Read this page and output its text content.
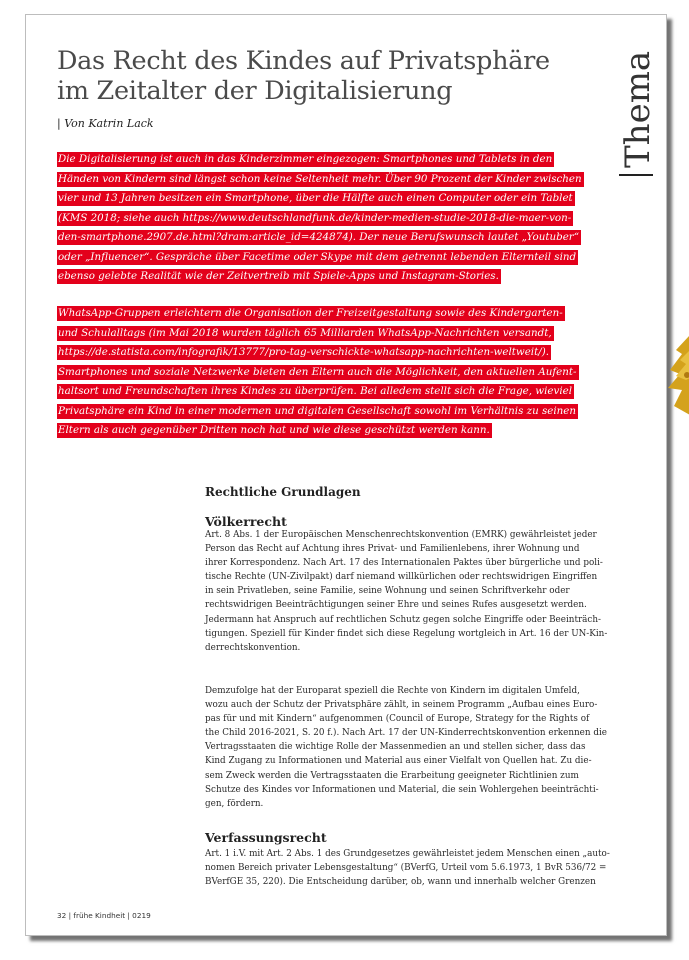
Das Recht des Kindes auf Privatsphäre
im Zeitalter der Digitalisierung
| Von Katrin Lack	Thema
Die Digitalisierung ist auch in das Kinderzimmer eingezogen: Smartphones und Tablets in den
Händen von Kindern sind längst schon keine Seltenheit mehr. Über 90 Prozent der Kinder zwischen
vier und 13 Jahren besitzen ein Smartphone, über die Hälfte auch einen Computer oder ein Tablet
(KMS 2018; siehe auch https://www.deutschlandfunk.de/kinder-medien-studie-2018-die-maer-von-
den-smartphone.2907.de.html?dram:article_id=424874). Der neue Berufswunsch lautet „Youtuber“
oder „Influencer“. Gespräche über Facetime oder Skype mit dem getrennt lebenden Elternteil sind
ebenso gelebte Realität wie der Zeitvertreib mit Spiele-Apps und Instagram-Stories.
WhatsApp-Gruppen erleichtern die Organisation der Freizeitgestaltung sowie des Kindergarten-
und Schulalltags (im Mai 2018 wurden täglich 65 Milliarden WhatsApp-Nachrichten versandt,
https://de.statista.com/infografik/13777/pro-tag-verschickte-whatsapp-nachrichten-weltweit/).
Smartphones und soziale Netzwerke bieten den Eltern auch die Möglichkeit, den aktuellen Aufent-
haltsort und Freundschaften ihres Kindes zu überprüfen. Bei alledem stellt sich die Frage, wieviel
Privatsphäre ein Kind in einer modernen und digitalen Gesellschaft sowohl im Verhältnis zu seinen
Eltern als auch gegenüber Dritten noch hat und wie diese geschützt werden kann.
Rechtliche Grundlagen
Völkerrecht
Art. 8 Abs. 1 der Europäischen Menschenrechtskonvention (EMRK) gewährleistet jeder
Person das Recht auf Achtung ihres Privat- und Familienlebens, ihrer Wohnung und
ihrer Korrespondenz. Nach Art. 17 des Internationalen Paktes über bürgerliche und poli-
tische Rechte (UN-Zivilpakt) darf niemand willkürlichen oder rechtswidrigen Eingriffen
in sein Privatleben, seine Familie, seine Wohnung und seinen Schriftverkehr oder
rechtswidrigen Beeinträchtigungen seiner Ehre und seines Rufes ausgesetzt werden.
Jedermann hat Anspruch auf rechtlichen Schutz gegen solche Eingriffe oder Beeinträch-
tigungen. Speziell für Kinder findet sich diese Regelung wortgleich in Art. 16 der UN-Kin-
derrechtskonvention.
Demzufolge hat der Europarat speziell die Rechte von Kindern im digitalen Umfeld,
wozu auch der Schutz der Privatsphäre zählt, in seinem Programm „Aufbau eines Euro-
pas für und mit Kindern“ aufgenommen (Council of Europe, Strategy for the Rights of
the Child 2016-2021, S. 20 f.). Nach Art. 17 der UN-Kinderrechtskonvention erkennen die
Vertragsstaaten die wichtige Rolle der Massenmedien an und stellen sicher, dass das
Kind Zugang zu Informationen und Material aus einer Vielfalt von Quellen hat. Zu die-
sem Zweck werden die Vertragsstaaten die Erarbeitung geeigneter Richtlinien zum
Schutze des Kindes vor Informationen und Material, die sein Wohlergehen beeinträchti-
gen, fördern.
Verfassungsrecht
Art. 1 i.V. mit Art. 2 Abs. 1 des Grundgesetzes gewährleistet jedem Menschen einen „auto-
nomen Bereich privater Lebensgestaltung“ (BVerfG, Urteil vom 5.6.1973, 1 BvR 536/72 =
BVerfGE 35, 220). Die Entscheidung darüber, ob, wann und innerhalb welcher Grenzen
32 | frühe Kindheit | 0219
